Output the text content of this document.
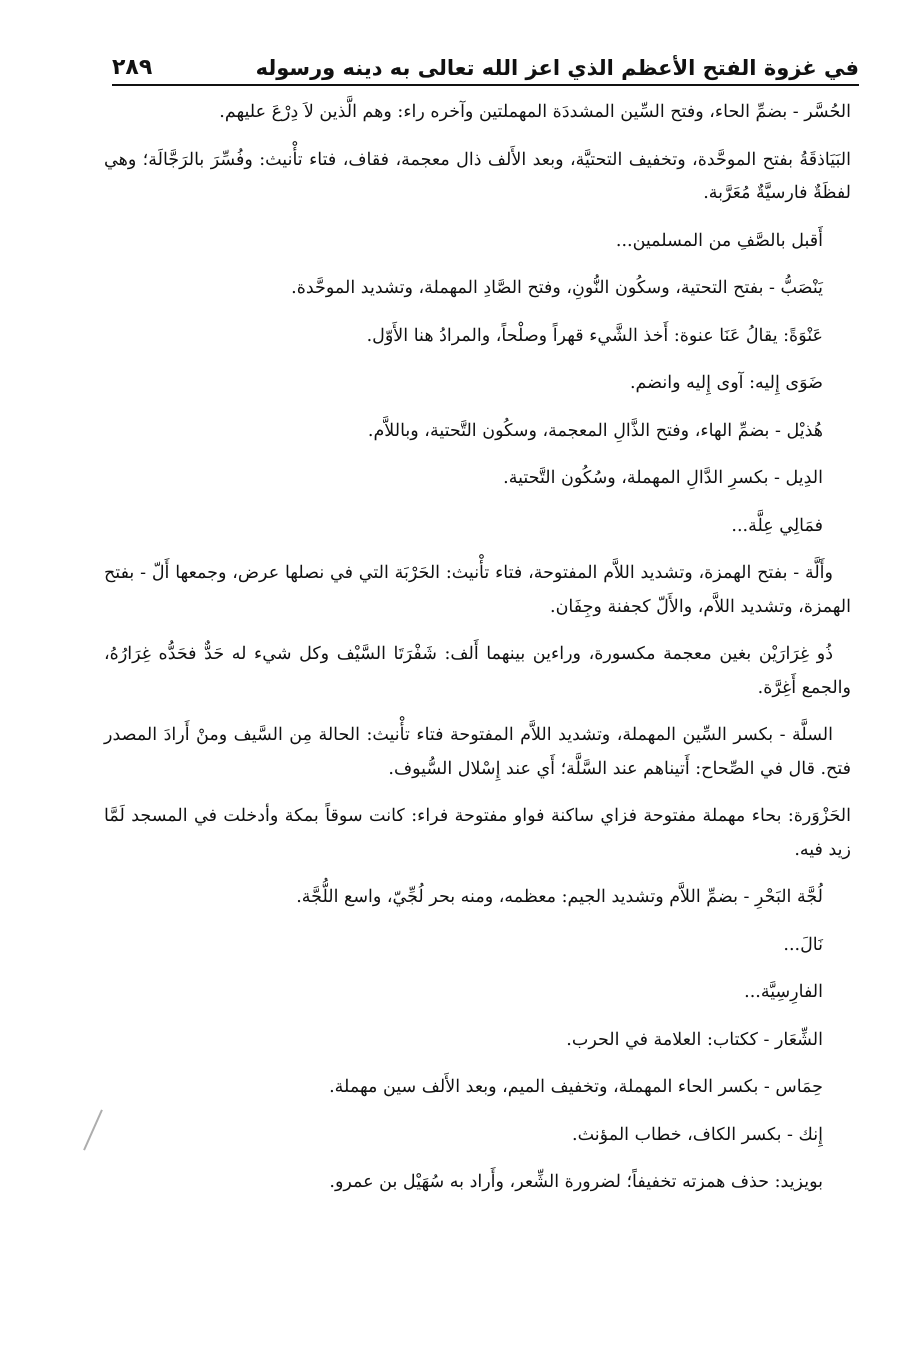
في غزوة الفتح الأعظم الذي اعز الله تعالى به دينه ورسوله
٢٨٩

الحُسَّر - بضمِّ الحاء، وفتح السِّين المشددَة المهملتين وآخره راء: وهم الَّذين لاَ دِرْعَ عليهم.

البَيَاذقَةُ بفتح الموحَّدة، وتخفيف التحتيَّة، وبعد الأَلف ذال معجمة، فقاف، فتاء تأْنيث: وفُسِّرَ بالرَجَّالَة؛ وهي لفظَةٌ فارسيَّةٌ مُعَرَّبة.

أَقبل بالصَّفِ من المسلمين...

يَنْصَبُّ - بفتح التحتية، وسكُون النُّونِ، وفتح الصَّادِ المهملة، وتشديد الموحَّدة.

عَنْوَةً: يقالُ عَنَا عنوة: أَخذ الشَّيء قهراً وصلْحاً، والمرادُ هنا الأَوّل.

ضَوَى إِليه: آوى إِليه وانضم.

هُذيْل - بضمِّ الهاء، وفتح الذَّالِ المعجمة، وسكُون التَّحتية، وباللاَّم.

الدِيل - بكسرِ الدَّالِ المهملة، وسُكُون التَّحتية.

فمَالِي عِلَّة...

وأَلَّة - بفتح الهمزة، وتشديد اللاَّم المفتوحة، فتاء تأْنيث: الحَرْبَة التي في نصلها عرض، وجمعها أَلّ - بفتح الهمزة، وتشديد اللاَّم، والأَلّ كجفنة وجِفَان.

ذُو غِرَارَيْن بغين معجمة مكسورة، وراءين بينهما أَلف: شَفْرَتَا السَّيْف وكل شيء له حَدٌّ فحَدُّه غِرَارُهُ، والجمع أَغِرَّة.

السلَّة - بكسر السِّين المهملة، وتشديد اللاَّم المفتوحة فتاء تأْنيث: الحالة مِن السَّيف ومنْ أَرادَ المصدر فتح. قال في الصِّحاح: أَتيناهم عند السَّلَّة؛ أَي عند إِسْلال السُّيوف.

الحَزْوَرة: بحاء مهملة مفتوحة فزاي ساكنة فواو مفتوحة فراء: كانت سوقاً بمكة وأدخلت في المسجد لَمَّا زيد فيه.

لُجَّة البَحْرِ - بضمِّ اللاَّم وتشديد الجيم: معظمه، ومنه بحر لُجِّيّ، واسع اللُّجَّة.

نَالَ...

الفارِسِيَّة...

الشِّعَار - ككتاب: العلامة في الحرب.

حِمَاس - بكسر الحاء المهملة، وتخفيف الميم، وبعد الأَلف سين مهملة.

إِنك - بكسر الكاف، خطاب المؤنث.

بويزيد: حذف همزته تخفيفاً؛ لضرورة الشِّعر، وأَراد به سُهَيْل بن عمرو.
